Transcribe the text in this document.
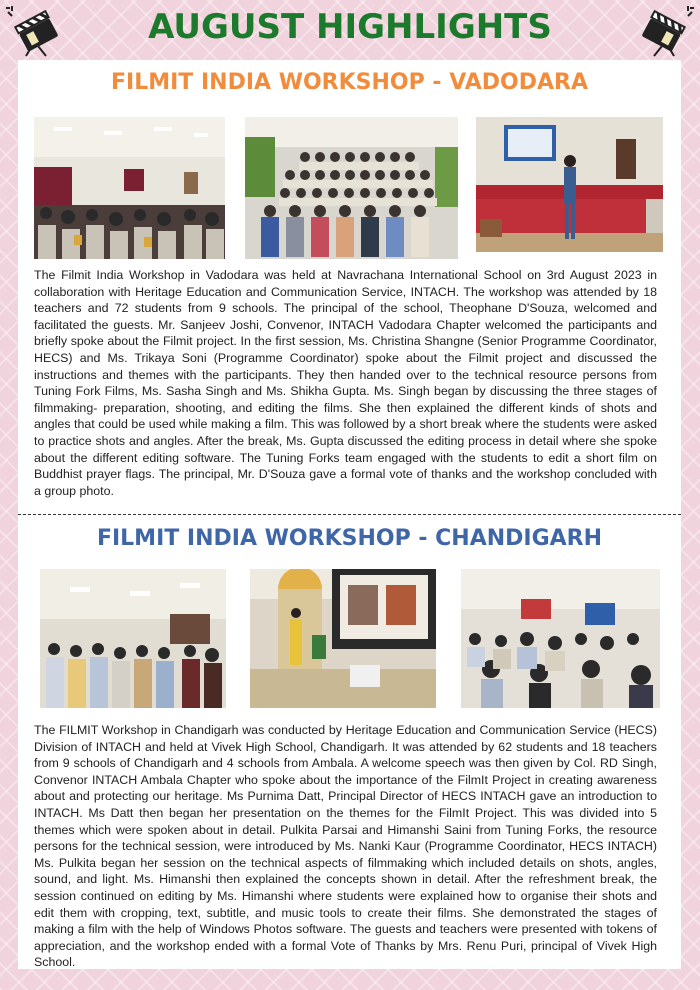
AUGUST HIGHLIGHTS
FILMIT INDIA WORKSHOP - VADODARA

The Filmit India Workshop in Vadodara was held at Navrachana International School on 3rd August 2023 in collaboration with Heritage Education and Communication Service, INTACH. The workshop was attended by 18 teachers and 72 students from 9 schools. The principal of the school, Theophane D'Souza, welcomed and facilitated the guests. Mr. Sanjeev Joshi, Convenor, INTACH Vadodara Chapter welcomed the participants and briefly spoke about the Filmit project. In the first session, Ms. Christina Shangne (Senior Programme Coordinator, HECS) and Ms. Trikaya Soni (Programme Coordinator) spoke about the Filmit project and discussed the instructions and themes with the participants. They then handed over to the technical resource persons from Tuning Fork Films, Ms. Sasha Singh and Ms. Shikha Gupta. Ms. Singh began by discussing the three stages of filmmaking- preparation, shooting, and editing the films. She then explained the different kinds of shots and angles that could be used while making a film. This was followed by a short break where the students were asked to practice shots and angles. After the break, Ms. Gupta discussed the editing process in detail where she spoke about the different editing software. The Tuning Forks team engaged with the students to edit a short film on Buddhist prayer flags. The principal, Mr. D'Souza gave a formal vote of thanks and the workshop concluded with a group photo.

FILMIT INDIA WORKSHOP - CHANDIGARH

The FILMIT Workshop in Chandigarh was conducted by Heritage Education and Communication Service (HECS) Division of INTACH and held at Vivek High School, Chandigarh. It was attended by 62 students and 18 teachers from 9 schools of Chandigarh and 4 schools from Ambala. A welcome speech was then given by Col. RD Singh, Convenor INTACH Ambala Chapter who spoke about the importance of the FilmIt Project in creating awareness about and protecting our heritage. Ms Purnima Datt, Principal Director of HECS INTACH gave an introduction to INTACH. Ms Datt then began her presentation on the themes for the FilmIt Project. This was divided into 5 themes which were spoken about in detail. Pulkita Parsai and Himanshi Saini from Tuning Forks, the resource persons for the technical session, were introduced by Ms. Nanki Kaur (Programme Coordinator, HECS INTACH) Ms. Pulkita began her session on the technical aspects of filmmaking which included details on shots, angles, sound, and light. Ms. Himanshi then explained the concepts shown in detail. After the refreshment break, the session continued on editing by Ms. Himanshi where students were explained how to organise their shots and edit them with cropping, text, subtitle, and music tools to create their films. She demonstrated the stages of making a film with the help of Windows Photos software. The guests and teachers were presented with tokens of appreciation, and the workshop ended with a formal Vote of Thanks by Mrs. Renu Puri, principal of Vivek High School.
